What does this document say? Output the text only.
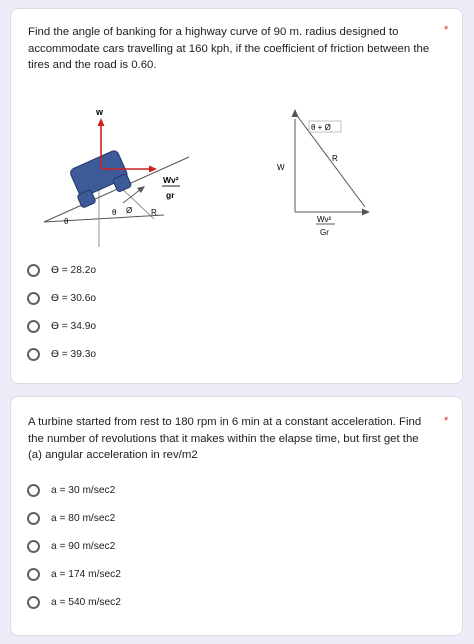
Find the angle of banking for a highway curve of 90 m. radius designed to accommodate cars travelling at 160 kph, if the coefficient of friction between the tires and the road is 0.60.
*
w
Wv²
gr
R
θ Ø
θ
θ + Ø
R
W
Wv²
Gr
ϴ = 28.2o
ϴ = 30.6o
ϴ = 34.9o
ϴ = 39.3o
A turbine started from rest to 180 rpm in 6 min at a constant acceleration. Find the number of revolutions that it makes within the elapse time, but first get the (a) angular acceleration in rev/m2
*
a = 30 m/sec2
a = 80 m/sec2
a = 90 m/sec2
a = 174 m/sec2
a = 540 m/sec2
